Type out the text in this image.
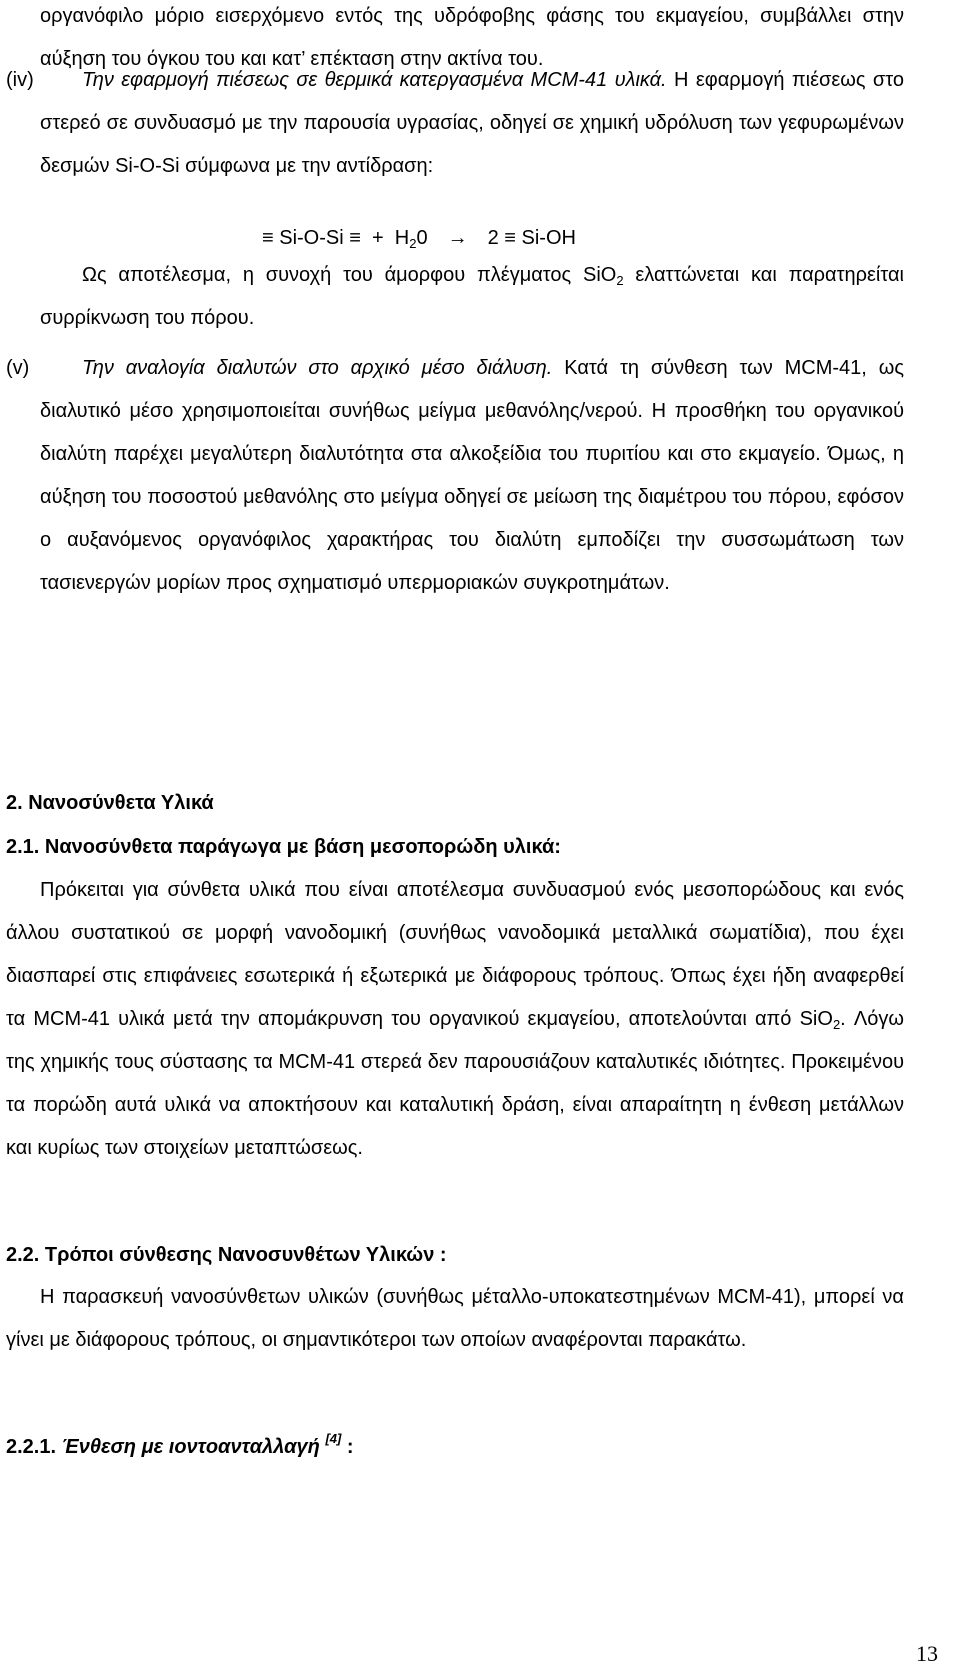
οργανόφιλο μόριο εισερχόμενο εντός της υδρόφοβης φάσης του εκμαγείου, συμβάλλει στην αύξηση του όγκου του και κατ’ επέκταση στην ακτίνα του.

(iv)	Την εφαρμογή πιέσεως σε θερμικά κατεργασμένα MCM-41 υλικά. Η εφαρμογή πιέσεως στο στερεό σε συνδυασμό με την παρουσία υγρασίας, οδηγεί σε χημική υδρόλυση των γεφυρωμένων δεσμών Si-O-Si σύμφωνα με την αντίδραση:

≡ Si-O-Si ≡  +  $H_20 \to 2 \equiv Si-OH$

Ως αποτέλεσμα, η συνοχή του άμορφου πλέγματος SiO$_2$ ελαττώνεται και παρατηρείται συρρίκνωση του πόρου.

(v)	Την αναλογία διαλυτών στο αρχικό μέσο διάλυση. Κατά τη σύνθεση των MCM-41, ως διαλυτικό μέσο χρησιμοποιείται συνήθως μείγμα μεθανόλης/νερού. Η προσθήκη του οργανικού διαλύτη παρέχει μεγαλύτερη διαλυτότητα στα αλκοξείδια του πυριτίου και στο εκμαγείο. Όμως, η αύξηση του ποσοστού μεθανόλης στο μείγμα οδηγεί σε μείωση της διαμέτρου του πόρου, εφόσον ο αυξανόμενος οργανόφιλος χαρακτήρας του διαλύτη εμποδίζει την συσσωμάτωση των τασιενεργών μορίων προς σχηματισμό υπερμοριακών συγκροτημάτων.

2. Νανοσύνθετα Υλικά
2.1. Νανοσύνθετα παράγωγα με βάση μεσοπορώδη υλικά:

Πρόκειται για σύνθετα υλικά που είναι αποτέλεσμα συνδυασμού ενός μεσοπορώδους και ενός άλλου συστατικού σε μορφή νανοδομική (συνήθως νανοδομικά μεταλλικά σωματίδια), που έχει διασπαρεί στις επιφάνειες εσωτερικά ή εξωτερικά με διάφορους τρόπους. Όπως έχει ήδη αναφερθεί τα MCM-41 υλικά μετά την απομάκρυνση του οργανικού εκμαγείου, αποτελούνται από SiO$_2$. Λόγω της χημικής τους σύστασης τα MCM-41 στερεά δεν παρουσιάζουν καταλυτικές ιδιότητες. Προκειμένου τα πορώδη αυτά υλικά να αποκτήσουν και καταλυτική δράση, είναι απαραίτητη η ένθεση μετάλλων και κυρίως των στοιχείων μεταπτώσεως.

2.2. Τρόποι σύνθεσης Νανοσυνθέτων Υλικών :

Η παρασκευή νανοσύνθετων υλικών (συνήθως μέταλλο-υποκατεστημένων MCM-41), μπορεί να γίνει με διάφορους τρόπους, οι σημαντικότεροι των οποίων αναφέρονται παρακάτω.

2.2.1. Ένθεση με ιοντοανταλλαγή [4] :
13
